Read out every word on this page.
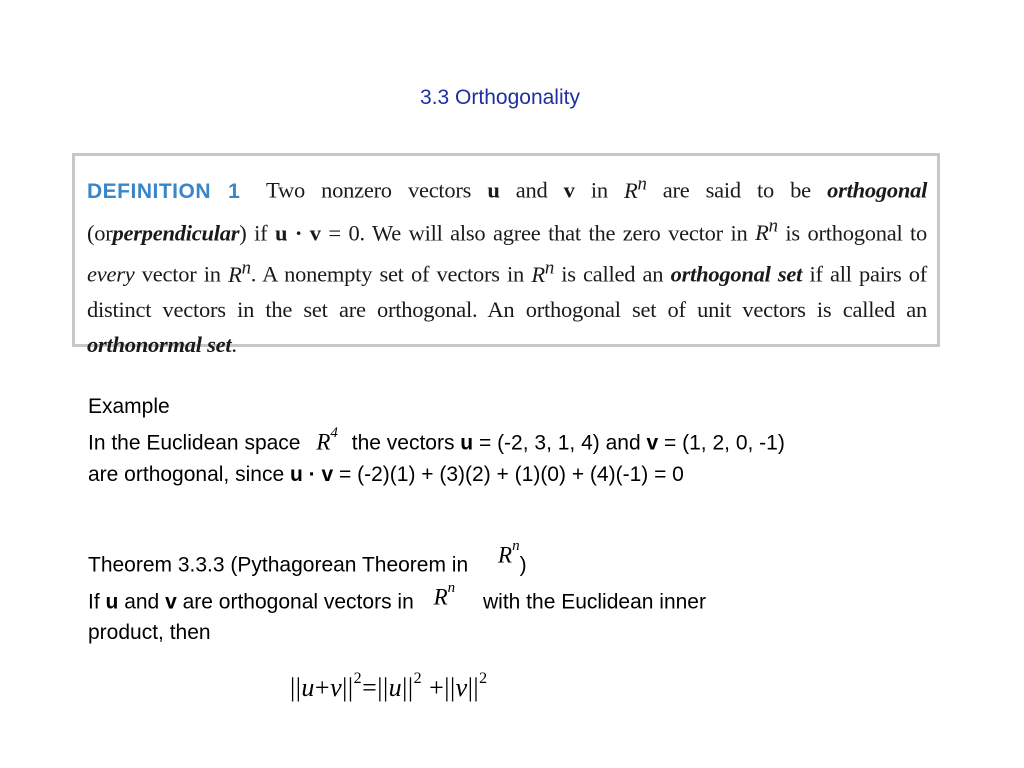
3.3 Orthogonality
DEFINITION 1 Two nonzero vectors u and v in $R^n$ are said to be orthogonal (orperpendicular) if u · v = 0. We will also agree that the zero vector in $R^n$ is orthogonal to every vector in $R^n$. A nonempty set of vectors in $R^n$ is called an orthogonal set if all pairs of distinct vectors in the set are orthogonal. An orthogonal set of unit vectors is called an orthonormal set.
Example
In the Euclidean space $R^4$ the vectors u = (-2, 3, 1, 4) and v = (1, 2, 0, -1)
are orthogonal, since u · v = (-2)(1) + (3)(2) + (1)(0) + (4)(-1) = 0
Theorem 3.3.3 (Pythagorean Theorem in $R^n$)
If u and v are orthogonal vectors in $R^n$ with the Euclidean inner
product, then
$||u+v||^2=||u||^2 +||v||^2$
